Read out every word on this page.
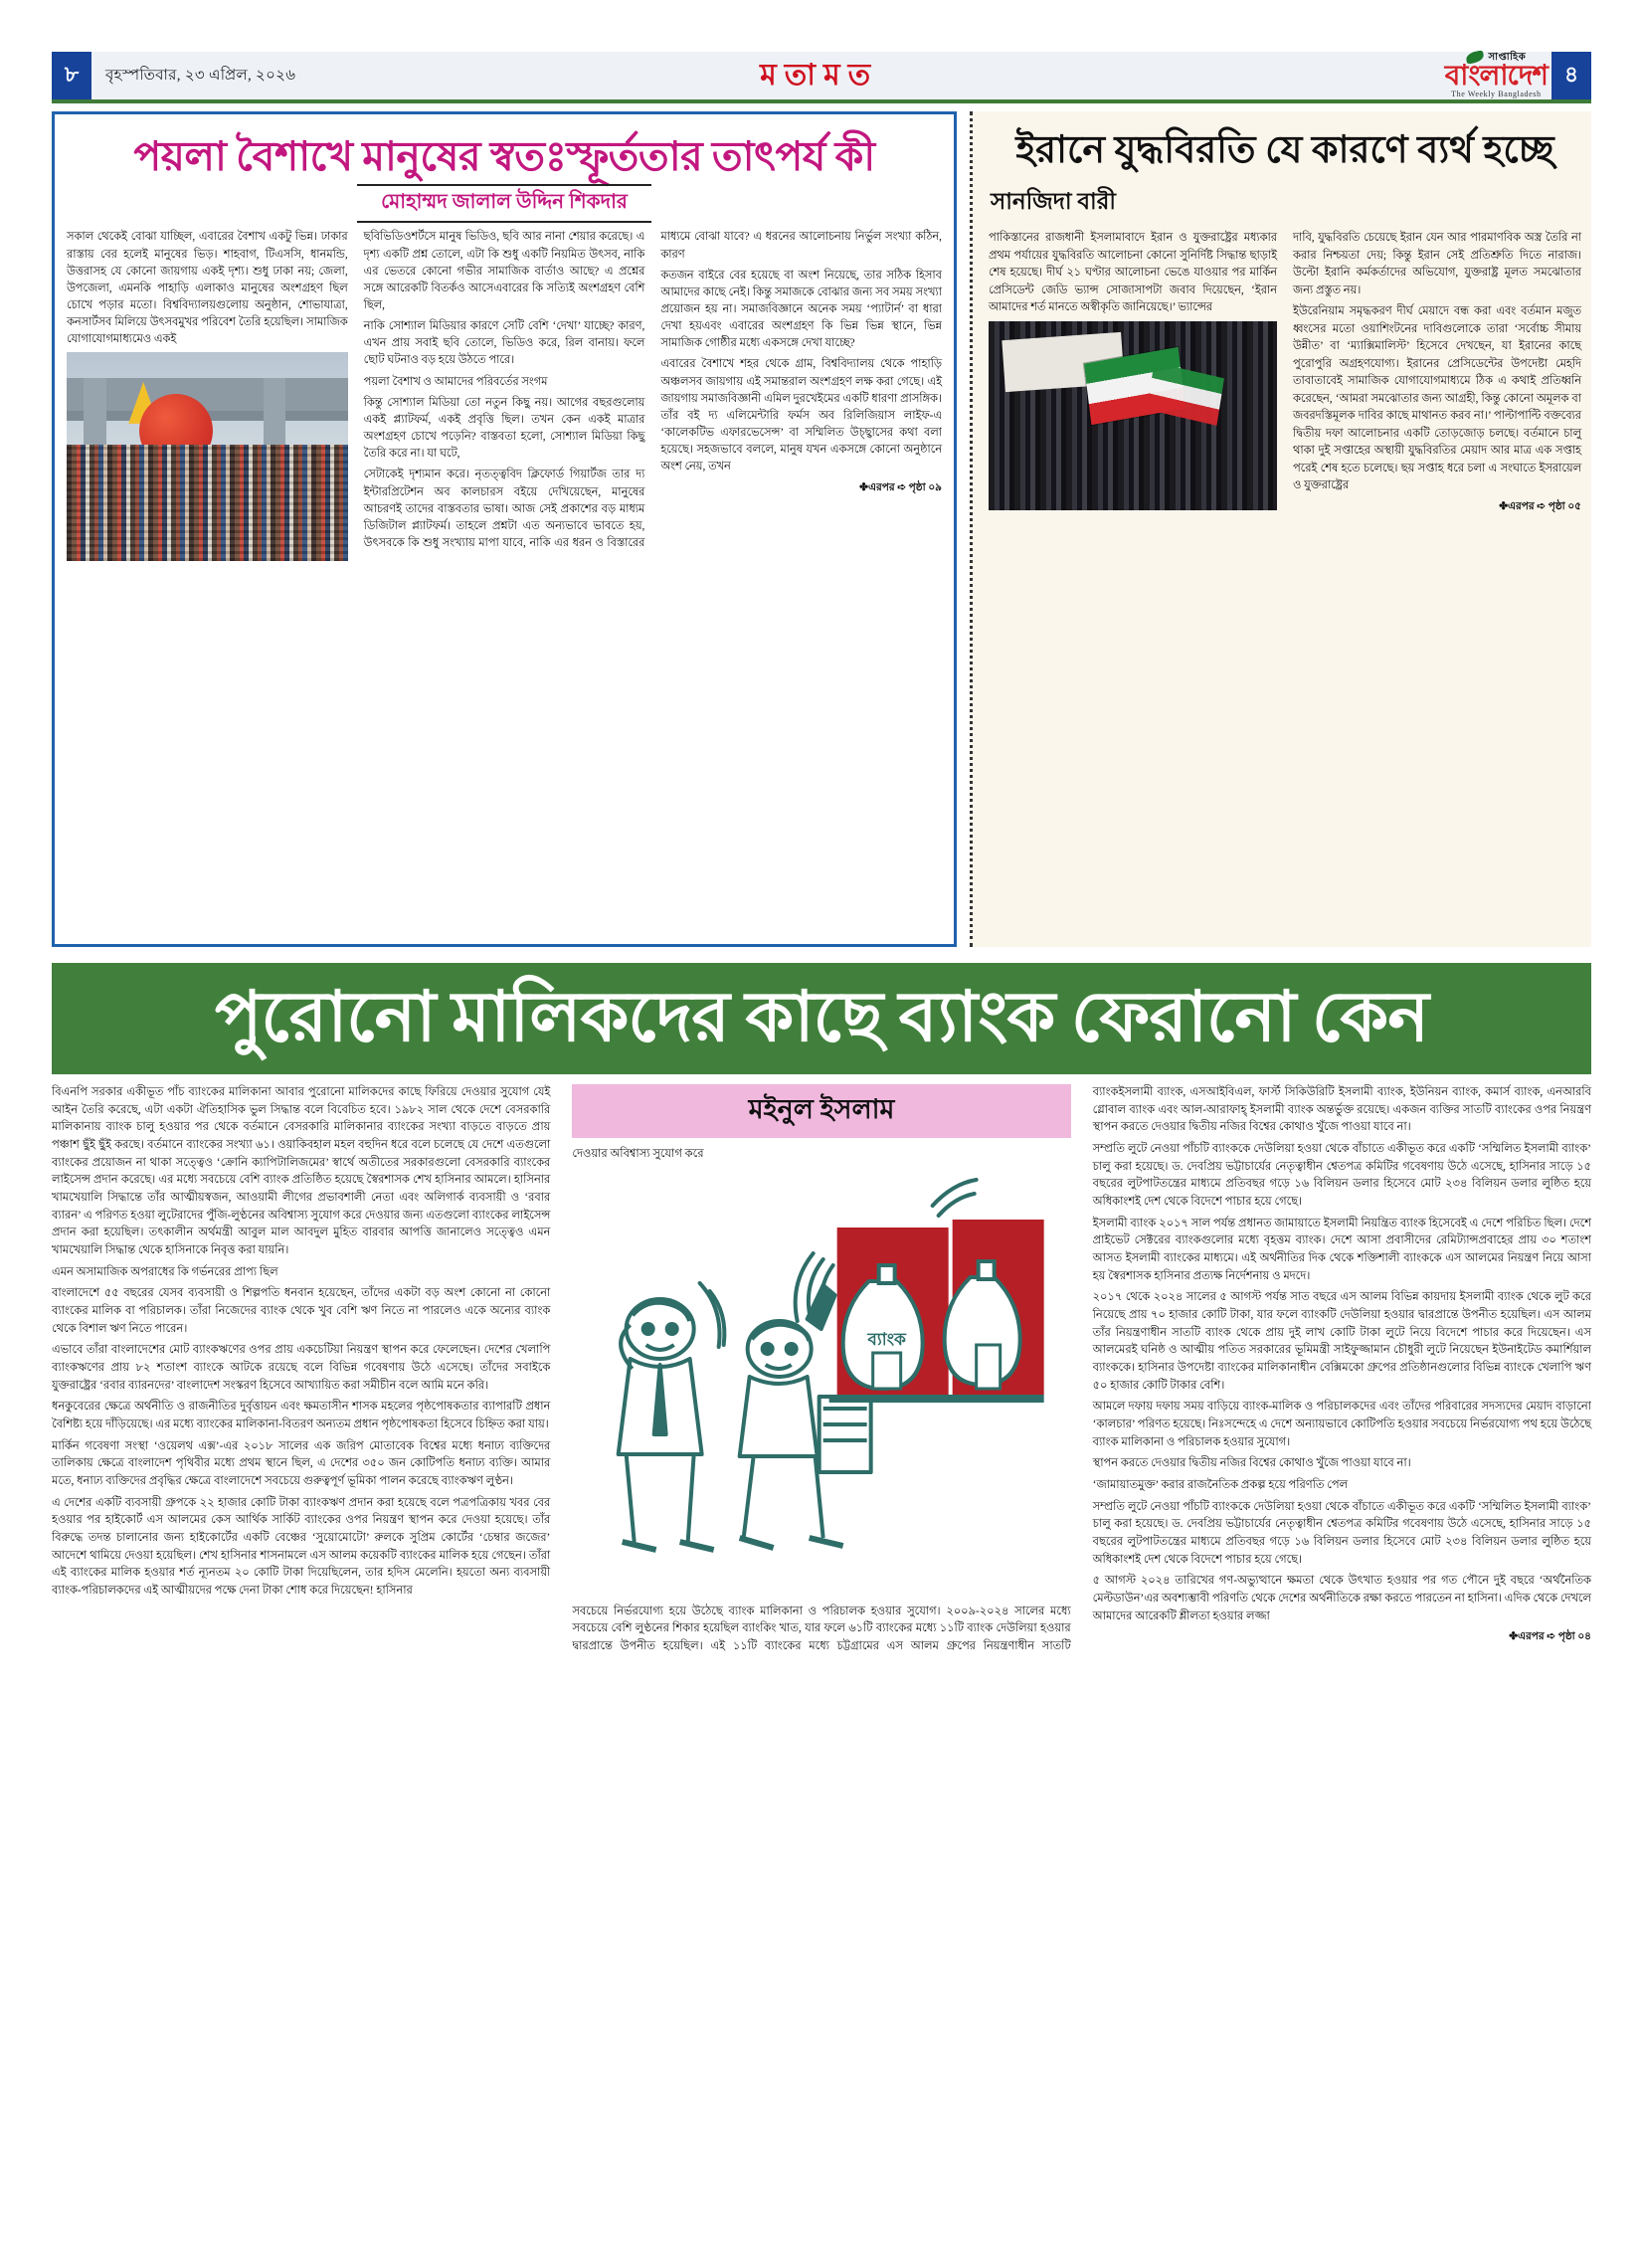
৮	বৃহস্পতিবার, ২৩ এপ্রিল, ২০২৬	মতামত
সাপ্তাহিক
বাংলাদেশ
The Weekly Bangladesh
৪
পয়লা বৈশাখে মানুষের স্বতঃস্ফূর্ততার তাৎপর্য কী
মোহাম্মদ জালাল উদ্দিন শিকদার

সকাল থেকেই বোঝা যাচ্ছিল, এবারের বৈশাখ একটু ভিন্ন। ঢাকার রাস্তায় বের হলেই মানুষের ভিড়। শাহবাগ, টিএসসি, ধানমন্ডি, উত্তরাসহ যে কোনো জায়গায় একই দৃশ্য। শুধু ঢাকা নয়; জেলা, উপজেলা, এমনকি পাহাড়ি এলাকাও মানুষের অংশগ্রহণ ছিল চোখে পড়ার মতো। বিশ্ববিদ্যালয়গুলোয় অনুষ্ঠান, শোভাযাত্রা, কনসার্টসব মিলিয়ে উৎসবমুখর পরিবেশ তৈরি হয়েছিল। সামাজিক যোগাযোগমাধ্যমেও একই

ছবিভিডিওশর্টসে মানুষ ভিডিও, ছবি আর নানা শেয়ার করেছে। এ দৃশ্য একটি প্রশ্ন তোলে, এটা কি শুধু একটি নিয়মিত উৎসব, নাকি এর ভেতরে কোনো গভীর সামাজিক বার্তাও আছে? এ প্রশ্নের সঙ্গে আরেকটি বিতর্কও আসেএবারের কি সত্যিই অংশগ্রহণ বেশি ছিল,

নাকি সোশ্যাল মিডিয়ার কারণে সেটি বেশি ‘দেখা’ যাচ্ছে? কারণ, এখন প্রায় সবাই ছবি তোলে, ভিডিও করে, রিল বানায়। ফলে ছোট ঘটনাও বড় হয়ে উঠতে পারে।

পয়লা বৈশাখ ও আমাদের পরিবর্তের সংগম

কিন্তু সোশ্যাল মিডিয়া তো নতুন কিছু নয়। আগের বছরগুলোয় একই প্ল্যাটফর্ম, একই প্রবৃত্তি ছিল। তখন কেন একই মাত্রার অংশগ্রহণ চোখে পড়েনি? বাস্তবতা হলো, সোশ্যাল মিডিয়া কিছু তৈরি করে না। যা ঘটে,

সেটাকেই দৃশ্যমান করে। নৃতত্ত্ববিদ ক্লিফোর্ড গিয়ার্টজ তার দ্য ইন্টারপ্রিটেশন অব কালচারস বইয়ে দেখিয়েছেন, মানুষের আচরণই তাদের বাস্তবতার ভাষা। আজ সেই প্রকাশের বড় মাধ্যম ডিজিটাল প্ল্যাটফর্ম। তাহলে প্রশ্নটা এত অন্যভাবে ভাবতে হয়, উৎসবকে কি শুধু সংখ্যায় মাপা যাবে, নাকি এর ধরন ও বিস্তারের মাধ্যমে বোঝা যাবে? এ ধরনের আলোচনায় নির্ভুল সংখ্যা কঠিন, কারণ

কতজন বাইরে বের হয়েছে বা অংশ নিয়েছে, তার সঠিক হিসাব আমাদের কাছে নেই। কিন্তু সমাজকে বোঝার জন্য সব সময় সংখ্যা প্রয়োজন হয় না। সমাজবিজ্ঞানে অনেক সময় ‘প্যাটার্ন’ বা ধারা দেখা হয়এবং এবারের অংশগ্রহণ কি ভিন্ন ভিন্ন স্থানে, ভিন্ন সামাজিক গোষ্ঠীর মধ্যে একসঙ্গে দেখা যাচ্ছে?

এবারের বৈশাখে শহর থেকে গ্রাম, বিশ্ববিদ্যালয় থেকে পাহাড়ি অঞ্চলসব জায়গায় এই সমান্তরাল অংশগ্রহণ লক্ষ করা গেছে। এই জায়গায় সমাজবিজ্ঞানী এমিল দুরখেইমের একটি ধারণা প্রাসঙ্গিক। তাঁর বই দ্য এলিমেন্টারি ফর্মস অব রিলিজিয়াস লাইফ-এ ‘কালেকটিভ এফারভেসেন্স’ বা সম্মিলিত উচ্ছ্বাসের কথা বলা হয়েছে। সহজভাবে বললে, মানুষ যখন একসঙ্গে কোনো অনুষ্ঠানে অংশ নেয়, তখন

✤এরপর ➪ পৃষ্ঠা ০৯

ইরানে যুদ্ধবিরতি যে কারণে ব্যর্থ হচ্ছে
সানজিদা বারী

পাকিস্তানের রাজধানী ইসলামাবাদে ইরান ও যুক্তরাষ্ট্রের মধ্যকার প্রথম পর্যায়ের যুদ্ধবিরতি আলোচনা কোনো সুনির্দিষ্ট সিদ্ধান্ত ছাড়াই শেষ হয়েছে। দীর্ঘ ২১ ঘণ্টার আলোচনা ভেঙে যাওয়ার পর মার্কিন প্রেসিডেন্ট জেডি ভ্যান্স সোজাসাপটা জবাব দিয়েছেন, ‘ইরান আমাদের শর্ত মানতে অস্বীকৃতি জানিয়েছে।’ ভ্যান্সের

দাবি, যুদ্ধবিরতি চেয়েছে ইরান যেন আর পারমাণবিক অস্ত্র তৈরি না করার নিশ্চয়তা দেয়; কিন্তু ইরান সেই প্রতিশ্রুতি দিতে নারাজ। উল্টো ইরানি কর্মকর্তাদের অভিযোগ, যুক্তরাষ্ট্র মূলত সমঝোতার জন্য প্রস্তুত নয়।

ইউরেনিয়াম সমৃদ্ধকরণ দীর্ঘ মেয়াদে বন্ধ করা এবং বর্তমান মজুত ধ্বংসের মতো ওয়াশিংটনের দাবিগুলোকে তারা ‘সর্বোচ্চ সীমায় উন্নীত’ বা ‘ম্যাক্সিমালিস্ট’ হিসেবে দেখছেন, যা ইরানের কাছে পুরোপুরি অগ্রহণযোগ্য। ইরানের প্রেসিডেন্টের উপদেষ্টা মেহদি তাবাতাবেই সামাজিক যোগাযোগমাধ্যমে ঠিক এ কথাই প্রতিধ্বনি করেছেন, ‘আমরা সমঝোতার জন্য আগ্রহী, কিন্তু কোনো অমূলক বা জবরদস্তিমূলক দাবির কাছে মাথানত করব না।’ পাল্টাপাল্টি বক্তব্যের দ্বিতীয় দফা আলোচনার একটি তোড়জোড় চলছে। বর্তমানে চালু থাকা দুই সপ্তাহের অস্থায়ী যুদ্ধবিরতির মেয়াদ আর মাত্র এক সপ্তাহ পরেই শেষ হতে চলেছে। ছয় সপ্তাহ ধরে চলা এ সংঘাতে ইসরায়েল ও যুক্তরাষ্ট্রের

✤এরপর ➪ পৃষ্ঠা ০৫

পুরোনো মালিকদের কাছে ব্যাংক ফেরানো কেন

বিএনপি সরকার একীভূত পাঁচ ব্যাংকের মালিকানা আবার পুরোনো মালিকদের কাছে ফিরিয়ে দেওয়ার সুযোগ যেই আইন তৈরি করেছে, এটা একটা ঐতিহাসিক ভুল সিদ্ধান্ত বলে বিবেচিত হবে। ১৯৮২ সাল থেকে দেশে বেসরকারি মালিকানায় ব্যাংক চালু হওয়ার পর থেকে বর্তমানে বেসরকারি মালিকানার ব্যাংকের সংখ্যা বাড়তে বাড়তে প্রায় পঞ্চাশ ছুঁই ছুঁই করছে। বর্তমানে ব্যাংকের সংখ্যা ৬১। ওয়াকিবহাল মহল বহুদিন ধরে বলে চলেছে যে দেশে এতগুলো ব্যাংকের প্রয়োজন না থাকা সত্ত্বেও ‘ক্রোনি ক্যাপিটালিজমের’ স্বার্থে অতীতের সরকারগুলো বেসরকারি ব্যাংকের লাইসেন্স প্রদান করেছে। এর মধ্যে সবচেয়ে বেশি ব্যাংক প্রতিষ্ঠিত হয়েছে স্বৈরশাসক শেখ হাসিনার আমলে। হাসিনার খামখেয়ালি সিদ্ধান্তে তাঁর আত্মীয়স্বজন, আওয়ামী লীগের প্রভাবশালী নেতা এবং অলিগার্ক ব্যবসায়ী ও ‘রবার ব্যারন’ এ পরিণত হওয়া লুটেরাদের পুঁজি-লুণ্ঠনের অবিশ্বাস্য সুযোগ করে দেওয়ার জন্য এতগুলো ব্যাংকের লাইসেন্স প্রদান করা হয়েছিল। তৎকালীন অর্থমন্ত্রী আবুল মাল আবদুল মুহিত বারবার আপত্তি জানালেও সত্ত্বেও এমন খামখেয়ালি সিদ্ধান্ত থেকে হাসিনাকে নিবৃত্ত করা যায়নি।

এমন অসামাজিক অপরাধের কি গর্ভনরের প্রাপ্য ছিল

বাংলাদেশে ৫৫ বছরের যেসব ব্যবসায়ী ও শিল্পপতি ধনবান হয়েছেন, তাঁদের একটা বড় অংশ কোনো না কোনো ব্যাংকের মালিক বা পরিচালক। তাঁরা নিজেদের ব্যাংক থেকে খুব বেশি ঋণ নিতে না পারলেও একে অন্যের ব্যাংক থেকে বিশাল ঋণ নিতে পারেন।

এভাবে তাঁরা বাংলাদেশের মোট ব্যাংকঋণের ওপর প্রায় একচেটিয়া নিয়ন্ত্রণ স্থাপন করে ফেলেছেন। দেশের খেলাপি ব্যাংকঋণের প্রায় ৮২ শতাংশ ব্যাংকে আটকে রয়েছে বলে বিভিন্ন গবেষণায় উঠে এসেছে। তাঁদের সবাইকে যুক্তরাষ্ট্রের ‘রবার ব্যারনদের’ বাংলাদেশ সংস্করণ হিসেবে আখ্যায়িত করা সমীচীন বলে আমি মনে করি।

ধনকুবেরের ক্ষেত্রে অর্থনীতি ও রাজনীতির দুর্বৃত্তায়ন এবং ক্ষমতাসীন শাসক মহলের পৃষ্ঠপোষকতার ব্যাপারটি প্রধান বৈশিষ্ট্য হয়ে দাঁড়িয়েছে। এর মধ্যে ব্যাংকের মালিকানা-বিতরণ অন্যতম প্রধান পৃষ্ঠপোষকতা হিসেবে চিহ্নিত করা যায়।

মার্কিন গবেষণা সংস্থা ‘ওয়েলথ এক্স’-এর ২০১৮ সালের এক জরিপ মোতাবেক বিশ্বের মধ্যে ধনাঢ্য ব্যক্তিদের তালিকায় ক্ষেত্রে বাংলাদেশ পৃথিবীর মধ্যে প্রথম স্থানে ছিল, এ দেশের ৩৫০ জন কোটিপতি ধনাঢ্য ব্যক্তি। আমার মতে, ধনাঢ্য ব্যক্তিদের প্রবৃদ্ধির ক্ষেত্রে বাংলাদেশে সবচেয়ে গুরুত্বপূর্ণ ভূমিকা পালন করেছে ব্যাংকঋণ লুণ্ঠন।

এ দেশের একটি ব্যবসায়ী গ্রুপকে ২২ হাজার কোটি টাকা ব্যাংকঋণ প্রদান করা হয়েছে বলে পত্রপত্রিকায় খবর বের হওয়ার পর হাইকোর্ট এস আলমের কেস আর্থিক সার্কিট ব্যাংকের ওপর নিয়ন্ত্রণ স্থাপন করে দেওয়া হয়েছে। তাঁর বিরুদ্ধে তদন্ত চালানোর জন্য হাইকোর্টের একটি বেঞ্চের ‘সুয়োমোটো’ রুলকে সুপ্রিম কোর্টের ‘চেম্বার জজের’ আদেশে থামিয়ে দেওয়া হয়েছিল। শেখ হাসিনার শাসনামলে এস আলম কয়েকটি ব্যাংকের মালিক হয়ে গেছেন। তাঁরা এই ব্যাংকের মালিক হওয়ার শর্ত ন্যূনতম ২০ কোটি টাকা দিয়েছিলেন, তার হদিস মেলেনি। হয়তো অন্য ব্যবসায়ী ব্যাংক-পরিচালকদের এই আত্মীয়দের পক্ষে দেনা টাকা শোধ করে দিয়েছেন! হাসিনার

মইনুল ইসলাম

দেওয়ার অবিশ্বাস্য সুযোগ করে

ব্যাংক

সবচেয়ে নির্ভরযোগ্য হয়ে উঠেছে ব্যাংক মালিকানা ও পরিচালক হওয়ার সুযোগ। ২০০৯-২০২৪ সালের মধ্যে সবচেয়ে বেশি লুণ্ঠনের শিকার হয়েছিল ব্যাংকিং খাত, যার ফলে ৬১টি ব্যাংকের মধ্যে ১১টি ব্যাংক দেউলিয়া হওয়ার দ্বারপ্রান্তে উপনীত হয়েছিল। এই ১১টি ব্যাংকের মধ্যে চট্টগ্রামের এস আলম গ্রুপের নিয়ন্ত্রণাধীন সাতটি ব্যাংকইসলামী ব্যাংক, এসআইবিএল, ফার্স্ট সিকিউরিটি ইসলামী ব্যাংক, ইউনিয়ন ব্যাংক, কমার্স ব্যাংক, এনআরবি গ্লোবাল ব্যাংক এবং আল-আরাফাহ্ ইসলামী ব্যাংক অন্তর্ভুক্ত রয়েছে। একজন ব্যক্তির সাতটি ব্যাংকের ওপর নিয়ন্ত্রণ স্থাপন করতে দেওয়ার দ্বিতীয় নজির বিশ্বের কোথাও খুঁজে পাওয়া যাবে না।

সম্প্রতি লুটে নেওয়া পাঁচটি ব্যাংককে দেউলিয়া হওয়া থেকে বাঁচাতে একীভূত করে একটি ‘সম্মিলিত ইসলামী ব্যাংক’ চালু করা হয়েছে। ড. দেবপ্রিয় ভট্টাচার্যের নেতৃত্বাধীন শ্বেতপত্র কমিটির গবেষণায় উঠে এসেছে, হাসিনার সাড়ে ১৫ বছরের লুটপাটতন্ত্রের মাধ্যমে প্রতিবছর গড়ে ১৬ বিলিয়ন ডলার হিসেবে মোট ২৩৪ বিলিয়ন ডলার লুষ্ঠিত হয়ে অধিকাংশই দেশ থেকে বিদেশে পাচার হয়ে গেছে।

ইসলামী ব্যাংক ২০১৭ সাল পর্যন্ত প্রধানত জামায়াতে ইসলামী নিয়ন্ত্রিত ব্যাংক হিসেবেই এ দেশে পরিচিত ছিল। দেশে প্রাইভেট সেক্টরের ব্যাংকগুলোর মধ্যে বৃহত্তম ব্যাংক। দেশে আসা প্রবাসীদের রেমিট্যান্সপ্রবাহের প্রায় ৩০ শতাংশ আসত ইসলামী ব্যাংকের মাধ্যমে। এই অর্থনীতির দিক থেকে শক্তিশালী ব্যাংককে এস আলমের নিয়ন্ত্রণ নিয়ে আসা হয় স্বৈরশাসক হাসিনার প্রত্যক্ষ নির্দেশনায় ও মদদে।

২০১৭ থেকে ২০২৪ সালের ৫ আগস্ট পর্যন্ত সাত বছরে এস আলম বিভিন্ন কায়দায় ইসলামী ব্যাংক থেকে লুট করে নিয়েছে প্রায় ৭০ হাজার কোটি টাকা, যার ফলে ব্যাংকটি দেউলিয়া হওয়ার দ্বারপ্রান্তে উপনীত হয়েছিল। এস আলম তাঁর নিয়ন্ত্রণাধীন সাতটি ব্যাংক থেকে প্রায় দুই লাখ কোটি টাকা লুটে নিয়ে বিদেশে পাচার করে দিয়েছেন। এস আলমেরই ঘনিষ্ঠ ও আত্মীয় পতিত সরকারের ভূমিমন্ত্রী সাইফুজ্জামান চৌধুরী লুটে নিয়েছেন ইউনাইটেড কমার্শিয়াল ব্যাংককে। হাসিনার উপদেষ্টা ব্যাংকের মালিকানাধীন বেক্সিমকো গ্রুপের প্রতিষ্ঠানগুলোর বিভিন্ন ব্যাংকে খেলাপি ঋণ ৫০ হাজার কোটি টাকার বেশি।

আমলে দফায় দফায় সময় বাড়িয়ে ব্যাংক-মালিক ও পরিচালকদের এবং তাঁদের পরিবারের সদস্যদের মেয়াদ বাড়ানো ‘কালচার’ পরিণত হয়েছে। নিঃসন্দেহে এ দেশে অন্যায়ভাবে কোটিপতি হওয়ার সবচেয়ে নির্ভরযোগ্য পথ হয়ে উঠেছে ব্যাংক মালিকানা ও পরিচালক হওয়ার সুযোগ।

স্থাপন করতে দেওয়ার দ্বিতীয় নজির বিশ্বের কোথাও খুঁজে পাওয়া যাবে না।

‘জামায়াতমুক্ত’ করার রাজনৈতিক প্রকল্প হয়ে পরিণতি পেল

সম্প্রতি লুটে নেওয়া পাঁচটি ব্যাংককে দেউলিয়া হওয়া থেকে বাঁচাতে একীভূত করে একটি ‘সম্মিলিত ইসলামী ব্যাংক’ চালু করা হয়েছে। ড. দেবপ্রিয় ভট্টাচার্যের নেতৃত্বাধীন শ্বেতপত্র কমিটির গবেষণায় উঠে এসেছে, হাসিনার সাড়ে ১৫ বছরের লুটপাটতন্ত্রের মাধ্যমে প্রতিবছর গড়ে ১৬ বিলিয়ন ডলার হিসেবে মোট ২৩৪ বিলিয়ন ডলার লুষ্ঠিত হয়ে অধিকাংশই দেশ থেকে বিদেশে পাচার হয়ে গেছে।

৫ আগস্ট ২০২৪ তারিখের গণ-অভ্যুত্থানে ক্ষমতা থেকে উৎখাত হওয়ার পর গত পৌনে দুই বছরে ‘অর্থনৈতিক মেল্টডাউন’এর অবশ্যম্ভাবী পরিণতি থেকে দেশের অর্থনীতিকে রক্ষা করতে পারতেন না হাসিনা। এদিক থেকে দেখলে আমাদের আরেকটি শ্লীলতা হওয়ার লজ্জা

✤এরপর ➪ পৃষ্ঠা ০৪
